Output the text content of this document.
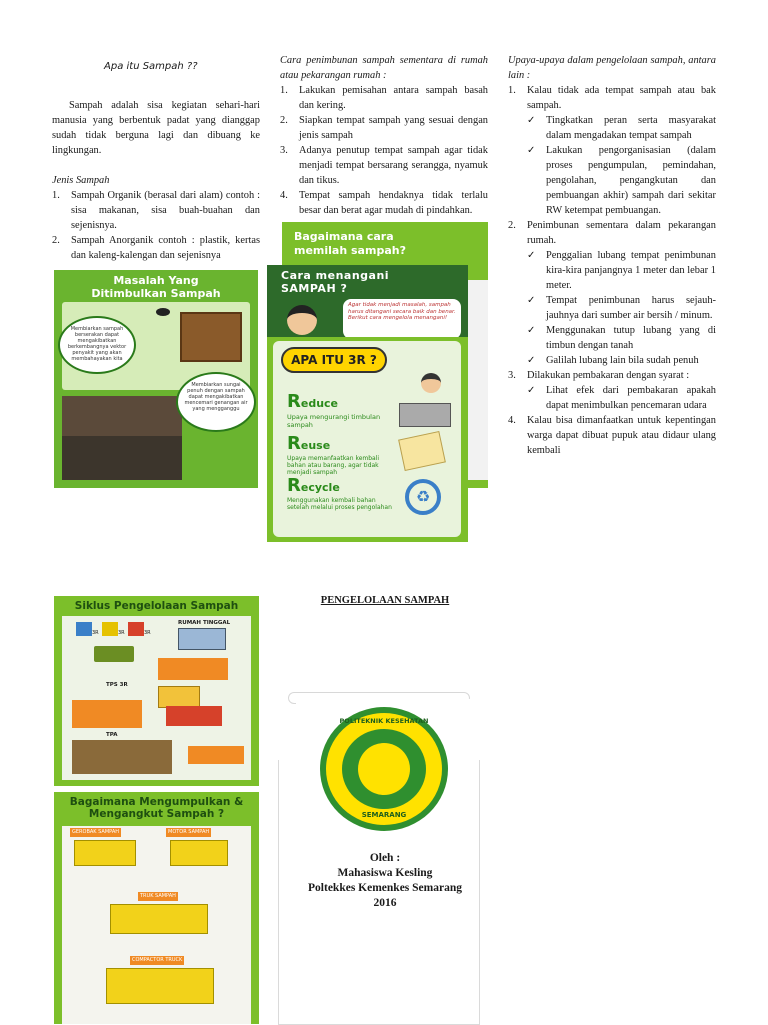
Apa itu Sampah ??
Sampah adalah sisa kegiatan sehari-hari manusia yang berbentuk padat yang dianggap sudah tidak berguna lagi dan dibuang ke lingkungan.
Jenis Sampah
1. Sampah Organik (berasal dari alam) contoh : sisa makanan, sisa buah-buahan dan sejenisnya.
2. Sampah Anorganik contoh : plastik, kertas dan kaleng-kalengan dan sejenisnya
Masalah Yang Ditimbulkan Sampah
Membiarkan sampah berserakan dapat mengakibatkan berkembangnya vektor penyakit yang akan membahayakan kita
Membiarkan sungai penuh dengan sampah dapat mengakibatkan mencemari genangan air yang mengganggu
Cara penimbunan sampah sementara di rumah atau pekarangan rumah :
1. Lakukan pemisahan antara sampah basah dan kering.
2. Siapkan tempat sampah yang sesuai dengan jenis sampah
3. Adanya penutup tempat sampah agar tidak menjadi tempat bersarang serangga, nyamuk dan tikus.
4. Tempat sampah hendaknya tidak terlalu besar dan berat agar mudah di pindahkan.
Bagaimana cara memilah sampah?
Cara menangani SAMPAH ?
Agar tidak menjadi masalah, sampah harus ditangani secara baik dan benar. Berikut cara mengelola menangani!
APA ITU 3R ?
Reduce
Upaya mengurangi timbulan sampah
Reuse
Upaya memanfaatkan kembali bahan atau barang, agar tidak menjadi sampah
Recycle
Menggunakan kembali bahan setelah melalui proses pengolahan
♻
Upaya-upaya dalam pengelolaan sampah, antara lain :
1. Kalau tidak ada tempat sampah atau bak sampah.
✓ Tingkatkan peran serta masyarakat dalam mengadakan tempat sampah
✓ Lakukan pengorganisasian (dalam proses pengumpulan, pemindahan, pengolahan, pengangkutan dan pembuangan akhir) sampah dari sekitar RW ketempat pembuangan.
2. Penimbunan sementara dalam pekarangan rumah.
✓ Penggalian lubang tempat penimbunan kira-kira panjangnya 1 meter dan lebar 1 meter.
✓ Tempat penimbunan harus sejauh-jauhnya dari sumber air bersih / minum.
✓ Menggunakan tutup lubang yang di timbun dengan tanah
✓ Galilah lubang lain bila sudah penuh
3. Dilakukan pembakaran dengan syarat :
✓ Lihat efek dari pembakaran apakah dapat menimbulkan pencemaran udara
4. Kalau bisa dimanfaatkan untuk kepentingan warga dapat dibuat pupuk atau didaur ulang kembali
Siklus Pengelolaan Sampah
3R	3R	3R
RUMAH TINGGAL
TPS 3R
TPA
Bagaimana Mengumpulkan & Mengangkut Sampah ?
GEROBAK SAMPAH	MOTOR SAMPAH
TRUK SAMPAH
COMPACTOR TRUCK
PENGELOLAAN SAMPAH
POLITEKNIK KESEHATAN
SEMARANG
Oleh :
Mahasiswa Kesling
Poltekkes Kemenkes Semarang
2016
